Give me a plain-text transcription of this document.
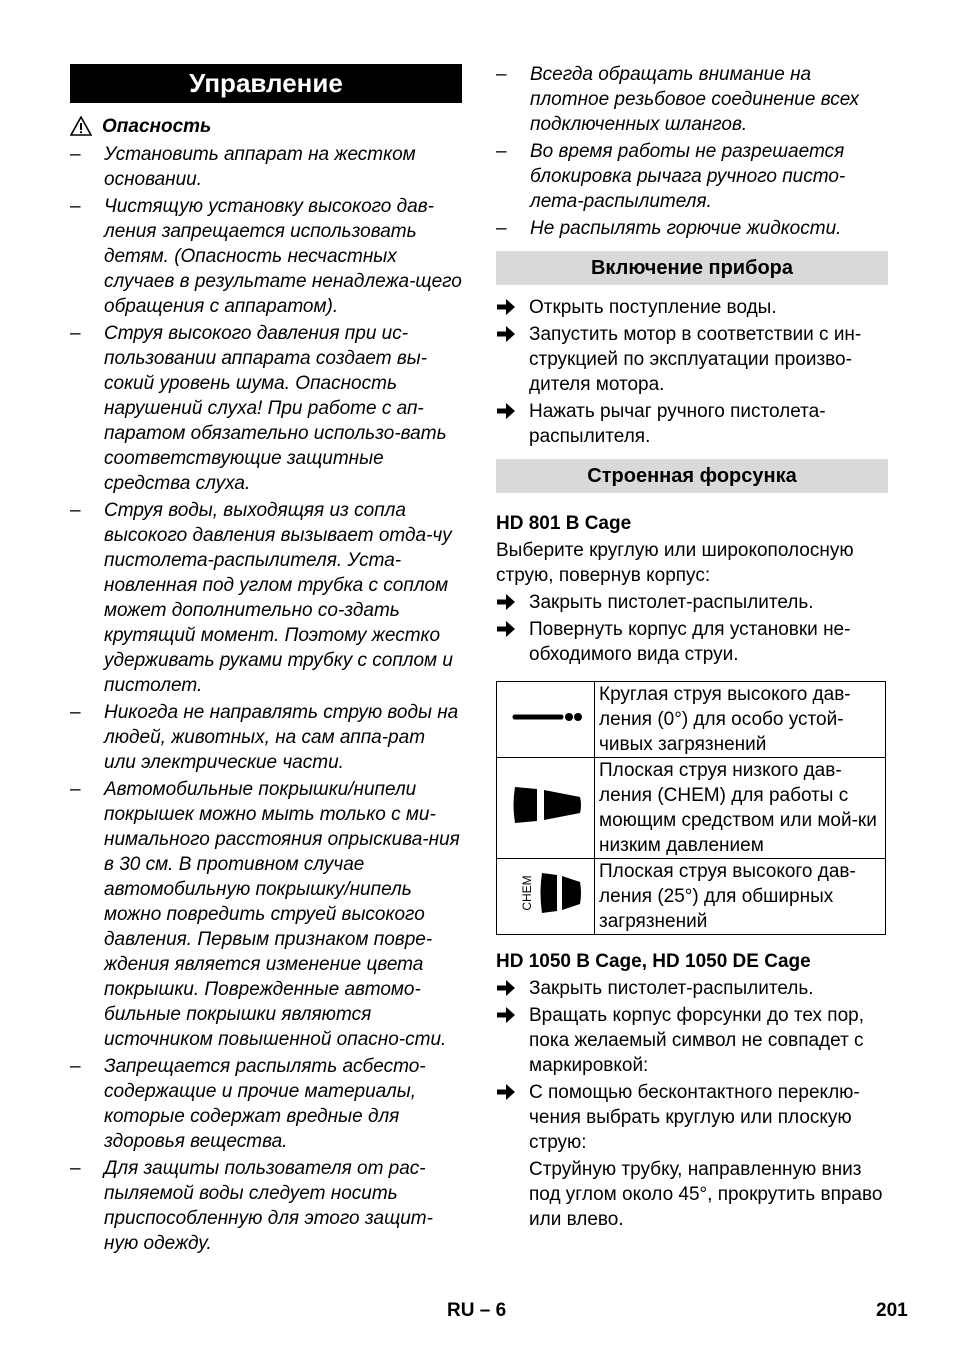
Управление
Опасность
– Установить аппарат на жестком основании.
– Чистящую установку высокого дав-ления запрещается использовать детям. (Опасность несчастных случаев в результате ненадлежа-щего обращения с аппаратом).
– Струя высокого давления при ис-пользовании аппарата создает вы-сокий уровень шума. Опасность нарушений слуха! При работе с ап-паратом обязательно использо-вать соответствующие защитные средства слуха.
– Струя воды, выходящяя из сопла высокого давления вызывает отда-чу пистолета-распылителя. Уста-новленная под углом трубка с соплом может дополнительно со-здать крутящий момент. Поэтому жестко удерживать руками трубку с соплом и пистолет.
– Никогда не направлять струю воды на людей, животных, на сам аппа-рат или электрические части.
– Автомобильные покрышки/нипели покрышек можно мыть только с ми-нимального расстояния опрыскива-ния в 30 см. В противном случае автомобильную покрышку/нипель можно повредить струей высокого давления. Первым признаком повре-ждения является изменение цвета покрышки. Поврежденные автомо-бильные покрышки являются источником повышенной опасно-сти.
– Запрещается распылять асбесто-содержащие и прочие материалы, которые содержат вредные для здоровья вещества.
– Для защиты пользователя от рас-пыляемой воды следует носить приспособленную для этого защит-ную одежду.
– Всегда обращать внимание на плотное резьбовое соединение всех подключенных шлангов.
– Во время работы не разрешается блокировка рычага ручного писто-лета-распылителя.
– Не распылять горючие жидкости.
Включение прибора
Открыть поступление воды.
Запустить мотор в соответствии с ин-струкцией по эксплуатации произво-дителя мотора.
Нажать рычаг ручного пистолета-распылителя.
Строенная форсунка
HD 801 B Cage
Выберите круглую или широкополосную струю, повернув корпус:
Закрыть пистолет-распылитель.
Повернуть корпус для установки не-обходимого вида струи.
	Круглая струя высокого дав-ления (0°) для особо устой-чивых загрязнений
	Плоская струя низкого дав-ления (CHEM) для работы с моющим средством или мой-ки низким давлением

CHEM	Плоская струя высокого дав-ления (25°) для обширных загрязнений
HD 1050 B Cage, HD 1050 DE Cage
Закрыть пистолет-распылитель.
Вращать корпус форсунки до тех пор, пока желаемый символ не совпадет с маркировкой:
С помощью бесконтактного переклю-чения выбрать круглую или плоскую струю:
Струйную трубку, направленную вниз под углом около 45°, прокрутить вправо или влево.
RU – 6	201
